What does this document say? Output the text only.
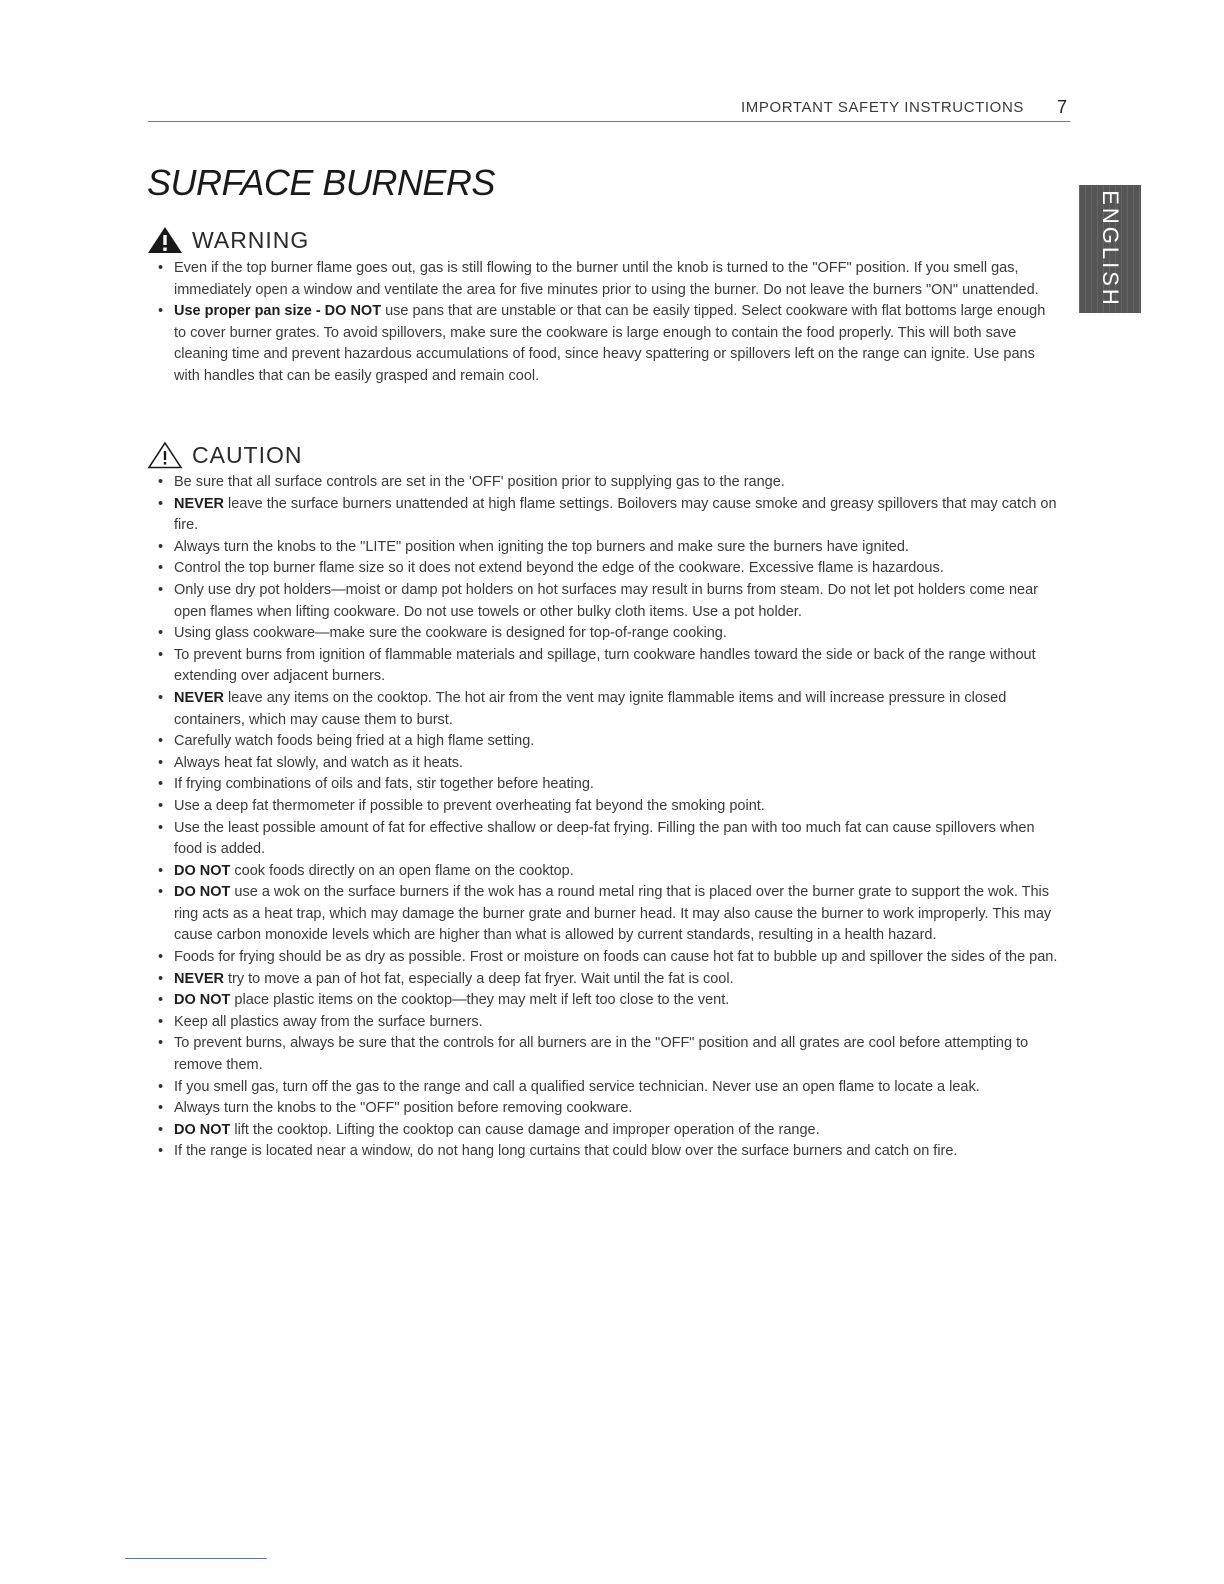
IMPORTANT SAFETY INSTRUCTIONS 7
SURFACE BURNERS
ENGLISH
WARNING
• Even if the top burner flame goes out, gas is still flowing to the burner until the knob is turned to the "OFF" position. If you smell gas, immediately open a window and ventilate the area for five minutes prior to using the burner. Do not leave the burners "ON" unattended.
• Use proper pan size - DO NOT use pans that are unstable or that can be easily tipped. Select cookware with flat bottoms large enough to cover burner grates. To avoid spillovers, make sure the cookware is large enough to contain the food properly. This will both save cleaning time and prevent hazardous accumulations of food, since heavy spattering or spillovers left on the range can ignite. Use pans with handles that can be easily grasped and remain cool.
CAUTION
• Be sure that all surface controls are set in the 'OFF' position prior to supplying gas to the range.
• NEVER leave the surface burners unattended at high flame settings. Boilovers may cause smoke and greasy spillovers that may catch on fire.
• Always turn the knobs to the "LITE" position when igniting the top burners and make sure the burners have ignited.
• Control the top burner flame size so it does not extend beyond the edge of the cookware. Excessive flame is hazardous.
• Only use dry pot holders—moist or damp pot holders on hot surfaces may result in burns from steam. Do not let pot holders come near open flames when lifting cookware. Do not use towels or other bulky cloth items. Use a pot holder.
• Using glass cookware—make sure the cookware is designed for top-of-range cooking.
• To prevent burns from ignition of flammable materials and spillage, turn cookware handles toward the side or back of the range without extending over adjacent burners.
• NEVER leave any items on the cooktop. The hot air from the vent may ignite flammable items and will increase pressure in closed containers, which may cause them to burst.
• Carefully watch foods being fried at a high flame setting.
• Always heat fat slowly, and watch as it heats.
• If frying combinations of oils and fats, stir together before heating.
• Use a deep fat thermometer if possible to prevent overheating fat beyond the smoking point.
• Use the least possible amount of fat for effective shallow or deep-fat frying. Filling the pan with too much fat can cause spillovers when food is added.
• DO NOT cook foods directly on an open flame on the cooktop.
• DO NOT use a wok on the surface burners if the wok has a round metal ring that is placed over the burner grate to support the wok. This ring acts as a heat trap, which may damage the burner grate and burner head. It may also cause the burner to work improperly. This may cause carbon monoxide levels which are higher than what is allowed by current standards, resulting in a health hazard.
• Foods for frying should be as dry as possible. Frost or moisture on foods can cause hot fat to bubble up and spillover the sides of the pan.
• NEVER try to move a pan of hot fat, especially a deep fat fryer. Wait until the fat is cool.
• DO NOT place plastic items on the cooktop—they may melt if left too close to the vent.
• Keep all plastics away from the surface burners.
• To prevent burns, always be sure that the controls for all burners are in the "OFF" position and all grates are cool before attempting to remove them.
• If you smell gas, turn off the gas to the range and call a qualified service technician. Never use an open flame to locate a leak.
• Always turn the knobs to the "OFF" position before removing cookware.
• DO NOT lift the cooktop. Lifting the cooktop can cause damage and improper operation of the range.
• If the range is located near a window, do not hang long curtains that could blow over the surface burners and catch on fire.
